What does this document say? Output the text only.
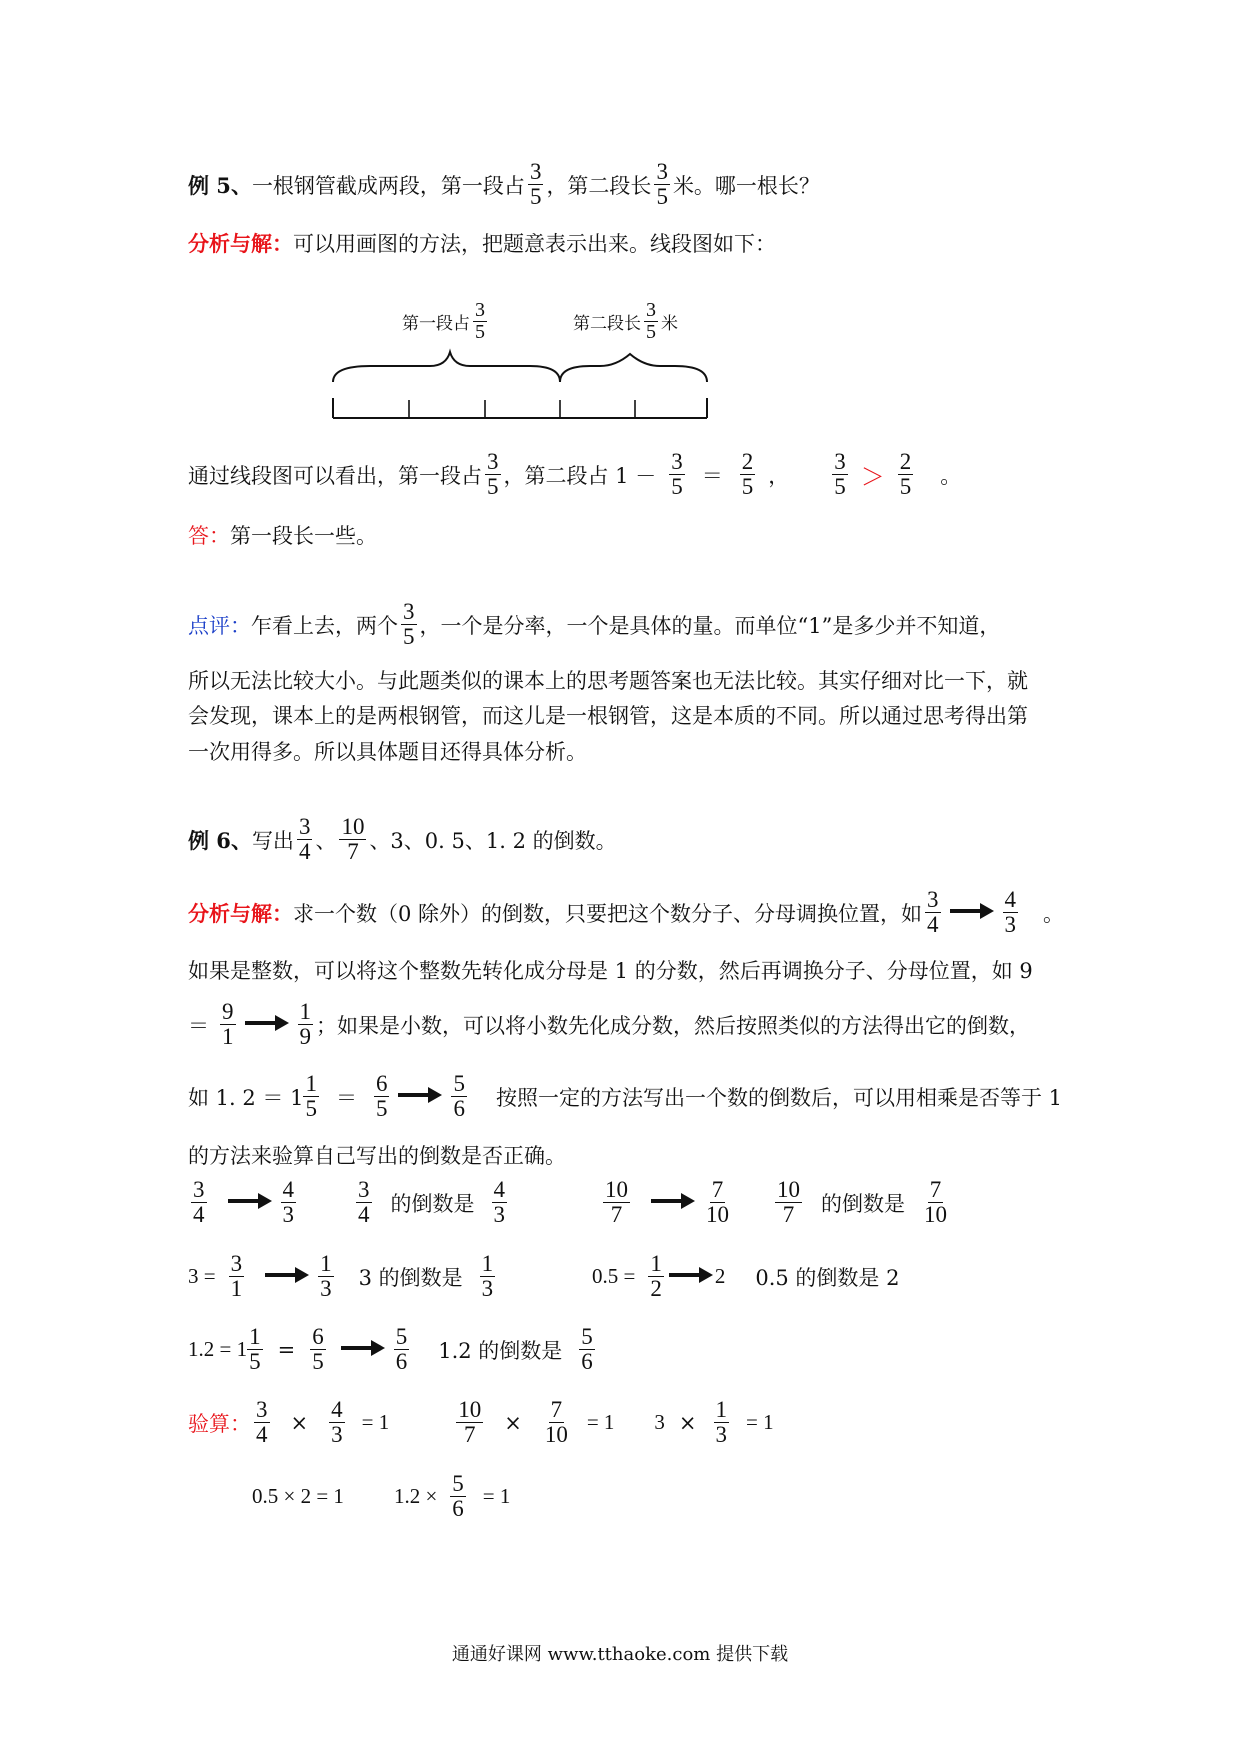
例 5 、 一根钢管截成两段，第一段占 $\frac{3}{5}$ ，第二段长 $\frac{3}{5}$ 米。哪一根长？
分析与解： 可以用画图的方法，把题意表示出来。线段图如下：
第一段占 $\frac{3}{5}$	第二段长 $\frac{3}{5}$ 米
通过线段图可以看出，第一段占 $\frac{3}{5}$ ，第二段占 $1 - \frac{3}{5} = \frac{2}{5}$ ， $\frac{3}{5} > \frac{2}{5}$ 。
答： 第一段长一些。
点评： 乍看上去，两个 $\frac{3}{5}$ ，一个是分率，一个是具体的量。而单位“1”是多少并不知道，
所以无法比较大小。与此题类似的课本上的思考题答案也无法比较。其实仔细对比一下，就
会发现，课本上的是两根钢管，而这儿是一根钢管，这是本质的不同。所以通过思考得出第
一次用得多。所以具体题目还得具体分析。
例 6 、 写出 $\frac{3}{4}$ 、 $\frac{10}{7}$ 、3、0. 5、1. 2 的倒数。
分析与解： 求一个数（0 除外）的倒数，只要把这个数分子、分母调换位置，如 $\frac{3}{4}$	$\frac{4}{3}$ 。
如果是整数，可以将这个整数先转化成分母是 1 的分数，然后再调换分子、分母位置，如 9
＝ $\frac{9}{1}$	$\frac{1}{9}$ ；如果是小数，可以将小数先化成分数，然后按照类似的方法得出它的倒数，
如 1. $2 = 1 \frac{1}{5} = \frac{6}{5}$	$\frac{5}{6}$ 按照一定的方法写出一个数的倒数后，可以用相乘是否等于 1
的方法来验算自己写出的倒数是否正确。
$\frac{3}{4}$	$\frac{4}{3}$	$\frac{3}{4}$ 的倒数是 $\frac{4}{3}$	$\frac{10}{7}$	$\frac{7}{10} \frac{10}{7}$ 的倒数是 $\frac{7}{10}$
$3 = \frac{3}{1}$	$\frac{1}{3} 3$ 的倒数是 $\frac{1}{3}$	$0.5 = \frac{1}{2} 2$ 0.5 的倒数是 2
$1.2 = 1 \frac{1}{5} = \frac{6}{5}$	$\frac{5}{6} 1.2$ 的倒数是 $\frac{5}{6}$
验算： $\frac{3}{4} \times \frac{4}{3} = 1$	$\frac{10}{7} \times \frac{7}{10} = 1$ $3 \times \frac{1}{3} = 1$
0.5 × 2 = 1 $1.2 \times \frac{5}{6} = 1$
通通好课网 www.tthaoke.com 提供下载
